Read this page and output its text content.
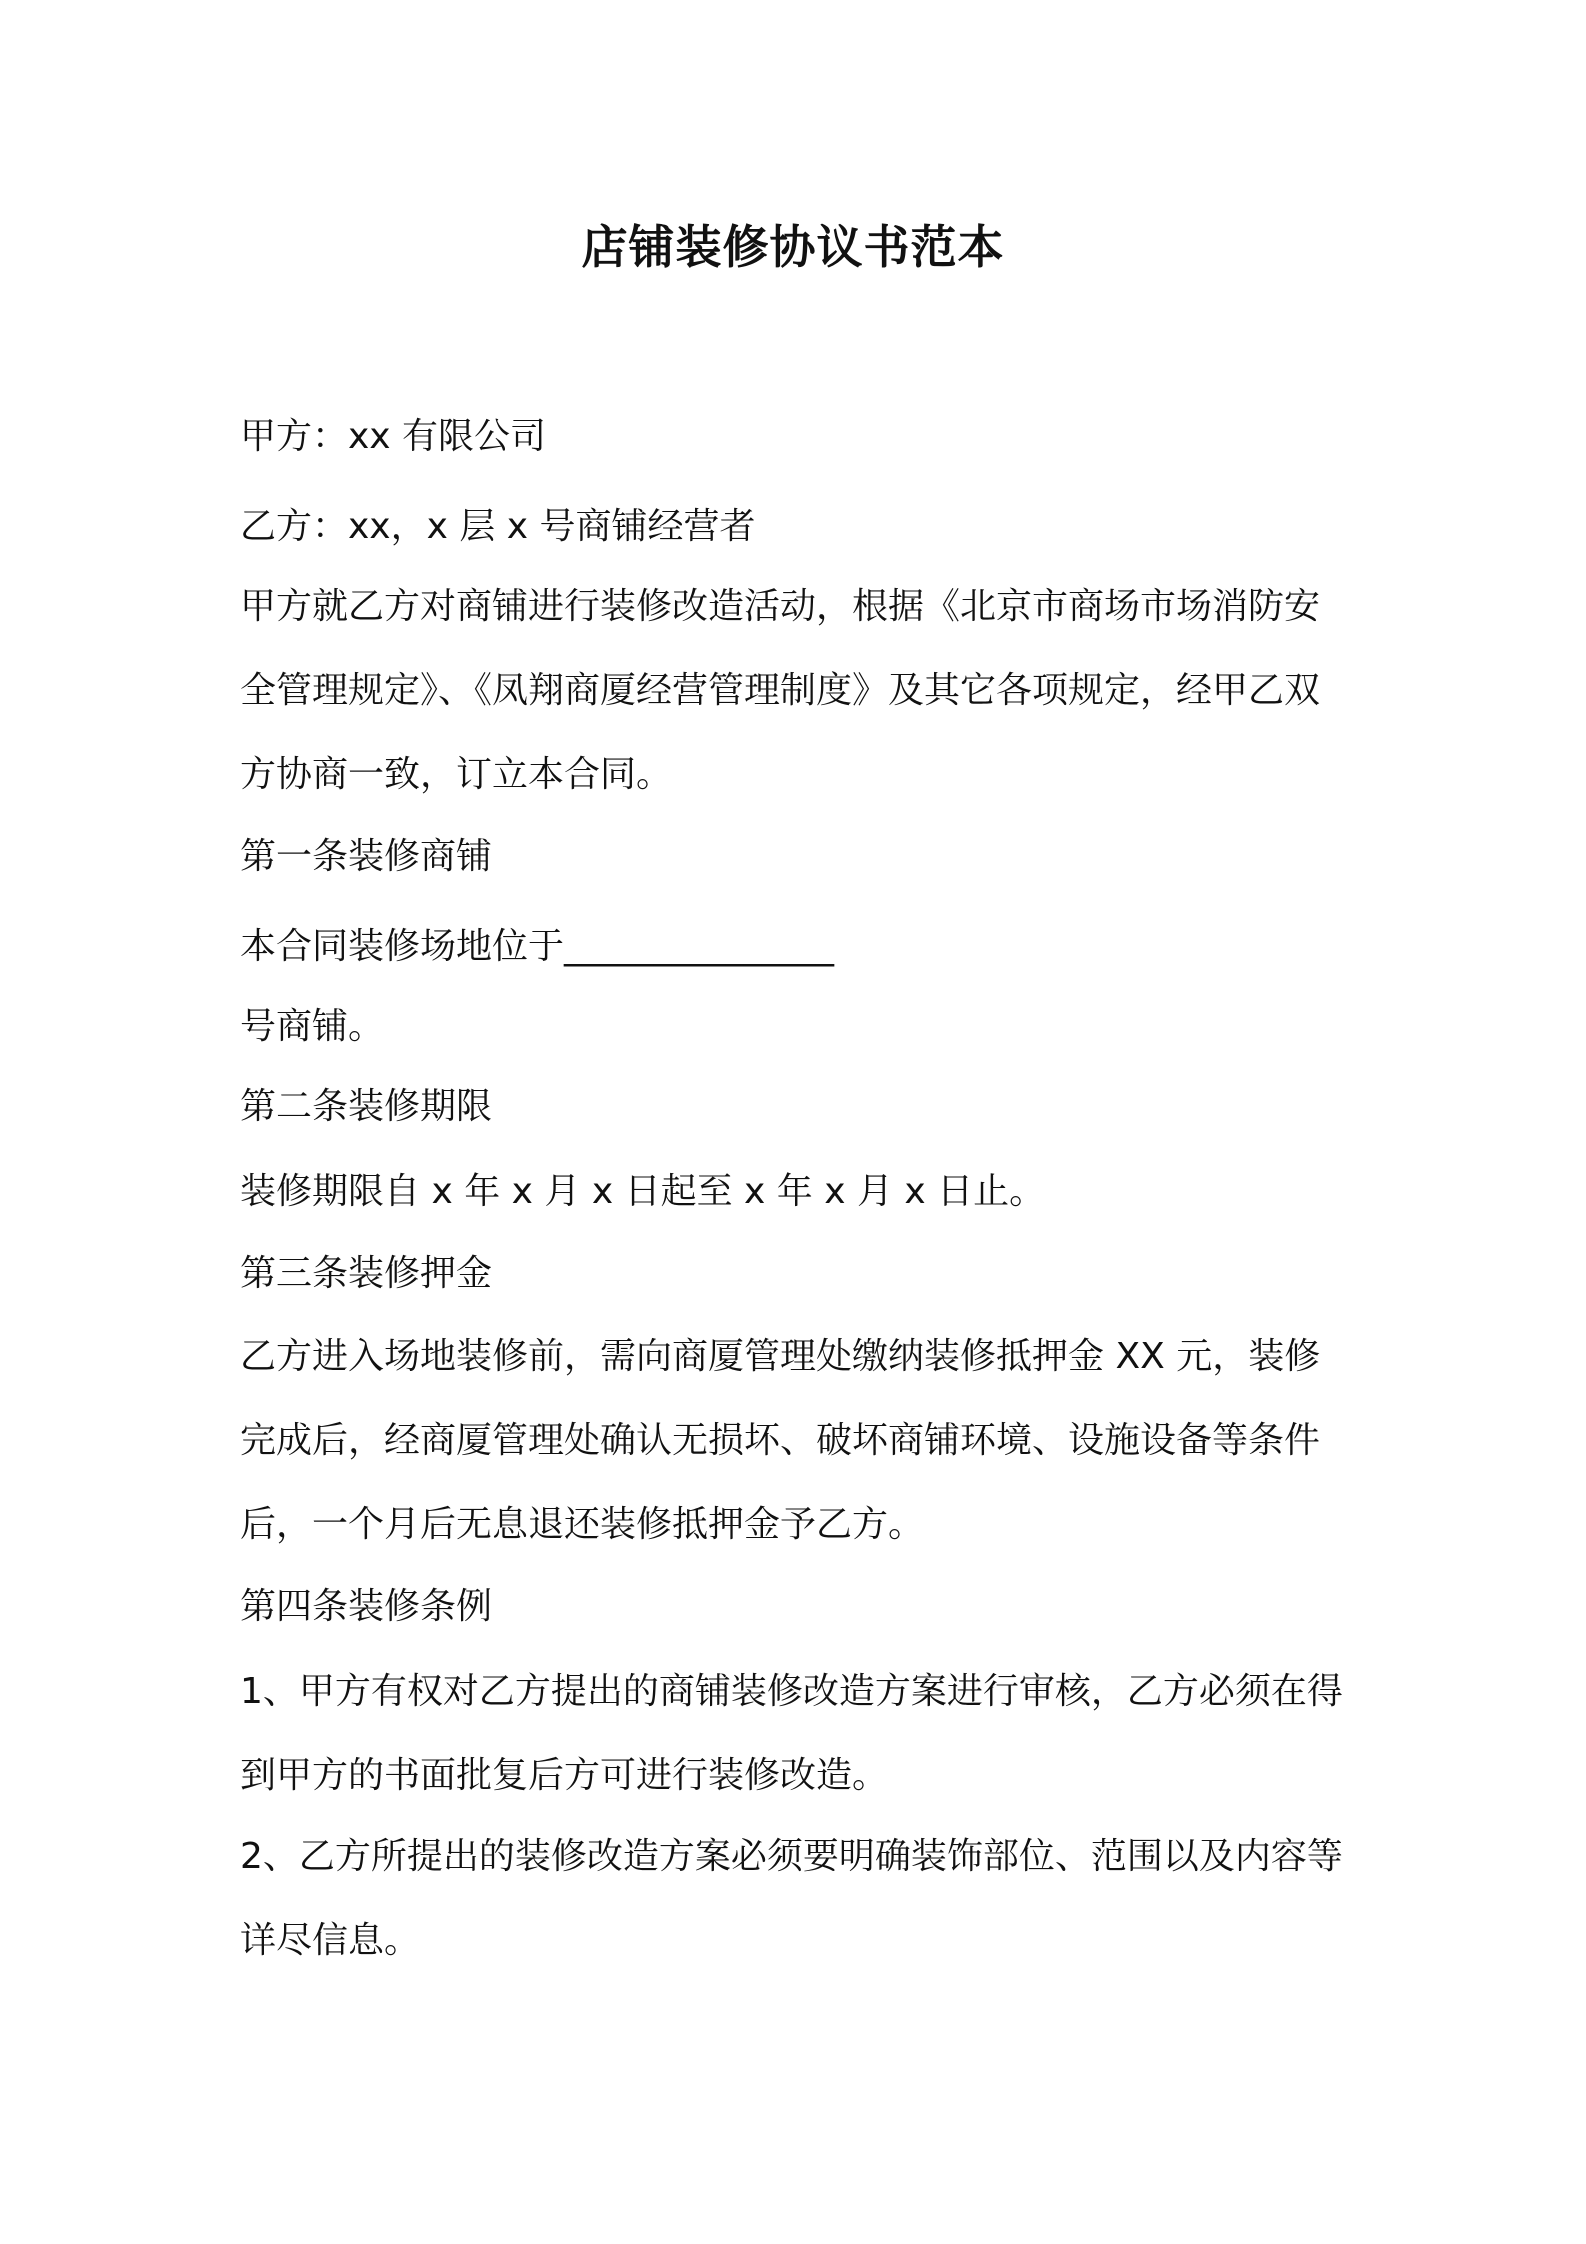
店铺装修协议书范本

甲方：xx 有限公司

乙方：xx，x 层 x 号商铺经营者

甲方就乙方对商铺进行装修改造活动，根据《北京市商场市场消防安全管理规定》、《凤翔商厦经营管理制度》及其它各项规定，经甲乙双方协商一致，订立本合同。

第一条装修商铺

本合同装修场地位于_______________

号商铺。

第二条装修期限

装修期限自 x 年 x 月 x 日起至 x 年 x 月 x 日止。

第三条装修押金

乙方进入场地装修前，需向商厦管理处缴纳装修抵押金 XX 元，装修完成后，经商厦管理处确认无损坏、破坏商铺环境、设施设备等条件后，一个月后无息退还装修抵押金予乙方。

第四条装修条例

1、甲方有权对乙方提出的商铺装修改造方案进行审核，乙方必须在得到甲方的书面批复后方可进行装修改造。

2、乙方所提出的装修改造方案必须要明确装饰部位、范围以及内容等详尽信息。
